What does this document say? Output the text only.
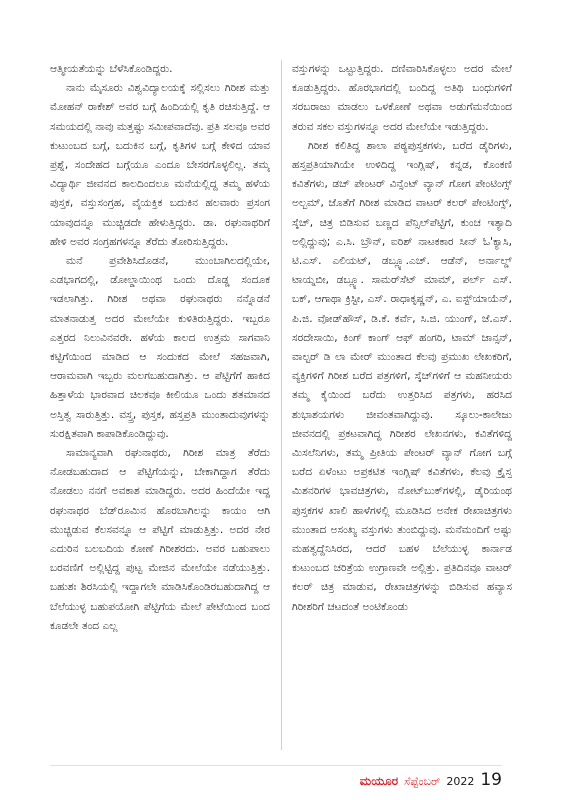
ಆತ್ಮೀಯತೆಯನ್ನು ಬೆಳೆಸಿಕೊಂಡಿದ್ದರು.

ನಾನು ಮೈಸೂರು ವಿಶ್ವವಿದ್ಯಾಲಯಕ್ಕೆ ಸಲ್ಲಿಸಲು ಗಿರೀಶ ಮತ್ತು ಮೋಹನ್ ರಾಕೇಶ್ ಅವರ ಬಗ್ಗೆ ಹಿಂದಿಯಲ್ಲಿ ಕೃತಿ ರಚಿಸುತ್ತಿದ್ದೆ. ಆ ಸಮಯದಲ್ಲಿ ನಾವು ಮತ್ತಷ್ಟು ಸಮೀಪವಾದೆವು. ಪ್ರತಿ ಸಲವೂ ಅವರ ಕುಟುಂಬದ ಬಗ್ಗೆ, ಬದುಕಿನ ಬಗ್ಗೆ, ಕೃತಿಗಳ ಬಗ್ಗೆ ಕೇಳಿದ ಯಾವ ಪ್ರಶ್ನೆ, ಸಂದೇಹದ ಬಗ್ಗೆಯೂ ಎಂದೂ ಬೇಸರಗೊಳ್ಳಲಿಲ್ಲ. ತಮ್ಮ ವಿದ್ಯಾರ್ಥಿ ಜೀವನದ ಕಾಲದಿಂದಲೂ ಮನೆಯಲ್ಲಿದ್ದ ತಮ್ಮ ಹಳೆಯ ಪುಸ್ತಕ, ವಸ್ತುಸಂಗ್ರಹ, ವೈಯಕ್ತಿಕ ಬದುಕಿನ ಹಲವಾರು ಪ್ರಸಂಗ ಯಾವುದನ್ನೂ ಮುಚ್ಚಿಡದೇ ಹೇಳುತ್ತಿದ್ದರು. ಡಾ. ರಘುನಾಥರಿಗೆ ಹೇಳಿ ಅವರ ಸಂಗ್ರಹಗಳನ್ನೂ ತೆರೆದು ತೋರಿಸುತ್ತಿದ್ದರು.

ಮನೆ ಪ್ರವೇಶಿಸಿದೊಡನೆ, ಮುಂಬಾಗಿಲದಲ್ಲಿಯೇ, ಎಡಭಾಗದಲ್ಲಿ, ಡೋಲ್ಡಾಯಿಂಥ ಒಂದು ದೊಡ್ಡ ಸಂದೂಕ ಇಡಲಾಗಿತ್ತು. ಗಿರೀಶ ಅಥವಾ ರಘುನಾಥರು ನನ್ನೊಡನೆ ಮಾತನಾಡುತ್ತ ಅದರ ಮೇಲೆಯೇ ಕುಳಿತಿರುತ್ತಿದ್ದರು. ಇಬ್ಬರೂ ಎತ್ತರದ ನಿಲುವಿನವರೇ. ಹಳೆಯ ಕಾಲದ ಉತ್ತಮ ಸಾಗವಾನಿ ಕಟ್ಟಿಗೆಯಿಂದ ಮಾಡಿದ ಆ ಸಂದುಕದ ಮೇಲೆ ಸಹಜವಾಗಿ, ಆರಾಮವಾಗಿ ಇಬ್ಬರು ಮಲಗಬಹುದಾಗಿತ್ತು. ಆ ಪೆಟ್ಟಿಗೆಗೆ ಹಾಕಿದ ಹಿತ್ತಾಳೆಯ ಭಾರವಾದ ಚಿಲಕವೂ ಕೀಲಿಯೂ ಒಂದು ಶತಮಾನದ ಅಸ್ತಿತ್ವ ಸಾರುತ್ತಿತ್ತು. ವಸ್ತ್ರ, ಪುಸ್ತಕ, ಹಸ್ತಪ್ರತಿ ಮುಂತಾದುವುಗಳನ್ನು ಸುರಕ್ಷಿತವಾಗಿ ಕಾಪಾಡಿಕೊಂಡಿದ್ದುವು.

ಸಾಮಾನ್ಯವಾಗಿ ರಘುನಾಥರು, ಗಿರೀಶ ಮಾತ್ರ ತೆರೆದು ನೋಡಬಹುದಾದ ಆ ಪೆಟ್ಟಿಗೆಯನ್ನು, ಬೇಕಾಗಿದ್ದಾಗ ತೆರೆದು ನೋಡಲು ನನಗೆ ಅವಕಾಶ ಮಾಡಿದ್ದರು. ಅದರ ಹಿಂದೆಯೇ ಇದ್ದ ರಘುನಾಥರ ಬೆಡ್‌ರೂಮಿನ ಹೊರಬಾಗಿಲನ್ನು ಕಾಯಂ ಆಗಿ ಮುಚ್ಚಿಡುವ ಕೆಲಸವನ್ನೂ ಆ ಪೆಟ್ಟಿಗೆ ಮಾಡುತ್ತಿತ್ತು. ಅದರ ನೇರ ಎದುರಿನ ಬಲಬದಿಯ ಕೋಣೆ ಗಿರೀಶರದು. ಅವರ ಬಹುಪಾಲು ಬರವಣಿಗೆ ಅಲ್ಲಿಟ್ಟಿದ್ದ ಪುಟ್ಟ ಮೇಜಿನ ಮೇಲೆಯೇ ನಡೆಯುತ್ತಿತ್ತು. ಬಹುಶಃ ಶಿರಸಿಯಲ್ಲಿ ಇದ್ದಾಗಲೇ ಮಾಡಿಸಿಕೊಂಡಿರಬಹುದಾಗಿದ್ದ ಆ ಬೆಲೆಯುಳ್ಳ ಬಹುಪಯೋಗಿ ಪೆಟ್ಟಿಗೆಯ ಮೇಲೆ ಪೇಟೆಯಿಂದ ಬಂದ ಕೂಡಲೇ ತಂದ ಎಲ್ಲ

ವಸ್ತುಗಳನ್ನು ಒಟ್ಟುತ್ತಿದ್ದರು. ದಣಿವಾರಿಸಿಕೊಳ್ಳಲು ಅದರ ಮೇಲೆ ಕೂಡುತ್ತಿದ್ದರು. ಹೊರಭಾಗದಲ್ಲಿ ಬಂದಿದ್ದ ಅತಿಥಿ ಬಂಧುಗಳಿಗೆ ಸರಬರಾಜು ಮಾಡಲು ಒಳಕೋಣೆ ಅಥವಾ ಅಡುಗೆಮನೆಯಿಂದ ತರುವ ಸಕಲ ವಸ್ತುಗಳನ್ನೂ ಅದರ ಮೇಲೆಯೇ ಇಡುತ್ತಿದ್ದರು.

ಗಿರೀಶ ಕಲಿತಿದ್ದ ಶಾಲಾ ಪಠ್ಯಪುಸ್ತಕಗಳು, ಬರೆದ ಡೈರಿಗಳು, ಹಸ್ತಪ್ರತಿಯಾಗಿಯೇ ಉಳಿದಿದ್ದ ಇಂಗ್ಲಿಷ್, ಕನ್ನಡ, ಕೊಂಕಣಿ ಕವಿತೆಗಳು, ಡಚ್ ಪೇಂಟರ್ ವಿನ್ಸೆಂಟ್ ವ್ಯಾನ್ ಗೋಗ ಪೇಂಟಿಂಗ್ಸ್ ಅಲ್ಬಮ್, ಜೊತೆಗೆ ಗಿರೀಶ ಮಾಡಿದ ವಾಟರ್ ಕಲರ್ ಪೇಂಟಿಂಗ್ಸ್, ಸ್ಕೆಚ್, ಚಿತ್ರ ಬಿಡಿಸುವ ಬಣ್ಣದ ಪೆನ್ಸಿಲ್‌ಪೆಟ್ಟಿಗೆ, ಕುಂಚ ಇತ್ಯಾದಿ ಅಲ್ಲಿದ್ದುವು; ಎ.ಸಿ. ಬ್ರೌನ್, ಐರಿಶ್ ನಾಟಕಕಾರ ಸೀನ್ ಓ'ಕ್ಯಾಸಿ, ಟಿ.ಎಸ್. ಎಲಿಯಟ್, ಡಬ್ಲ್ಯೂ.ಎಚ್. ಆಡೆನ್, ಅರ್ನಾಲ್ಡ್ ಟಾಯ್ನಬೀ, ಡಬ್ಲ್ಯೂ. ಸಾಮರ್‌ಸೆಟ್ ಮಾಮ್, ಪರ್ಲ್ ಎಸ್. ಬಕ್, ಆಗಾಥಾ ಕ್ರಿಸ್ಟೀ, ಎಸ್. ರಾಧಾಕೃಷ್ಣನ್, ಎ. ಐಸ್ಟ್‌ಯಾಯೆನ್, ಪಿ.ಜಿ. ವೋಡ್‌ಹೌಸ್, ಡಿ.ಕೆ. ಕರ್ವೆ, ಸಿ.ಜಿ. ಯುಂಗ್, ಜೆ.ಎಸ್. ಸರದೇಸಾಯಿ, ಕಿಂಗ್ ಕಾಂಗ್ ಆಫ್ ಹಂಗರಿ, ಟಾಮ್ ಜಾನ್ಸನ್, ವಾಲ್ಟರ್ ಡಿ ಲಾ ಮೇರ್ ಮುಂತಾದ ಕೆಲವು ಪ್ರಮುಖ ಲೇಖಕರಿಗೆ, ವ್ಯಕ್ತಿಗಳಿಗೆ ಗಿರೀಶ ಬರೆದ ಪತ್ರಗಳಿಗೆ, ಸ್ಕೆಚ್‌ಗಳಿಗೆ ಆ ಮಹನೀಯರು ತಮ್ಮ ಕೈಯಿಂದ ಬರೆದು ಉತ್ತರಿಸಿದ ಪತ್ರಗಳು, ಹರಸಿದ ಶುಭಾಶಯಗಳು ಜೀವಂತವಾಗಿದ್ದುವು. ಸ್ಕೂಲು-ಕಾಲೇಜು ಜೀವನದಲ್ಲಿ ಪ್ರಕಟವಾಗಿದ್ದ ಗಿರೀಶರ ಲೇಖನಗಳು, ಕವಿತೆಗಳಿದ್ದ ಮಿಸಲೆನಿಗಳು, ತಮ್ಮ ಪ್ರೀತಿಯ ಪೇಂಟರ್ ವ್ಯಾನ್ ಗೋಗ ಬಗ್ಗೆ ಬರೆದ ಏಳೆಂಟು ಅಪ್ರಕಟಿತ ಇಂಗ್ಲಿಷ್ ಕವಿತೆಗಳು, ಕೆಲವು ಕ್ರೈಸ್ತ ಮಿಶನರಿಗಳ ಭಾವಚಿತ್ರಗಳು, ನೋಟ್‌ಬುಕ್‌ಗಳಲ್ಲಿ, ಡೈರಿಯಂಥ ಪುಸ್ತಕಗಳ ಖಾಲಿ ಹಾಳೆಗಳಲ್ಲಿ ಮೂಡಿಸಿದ ಅನೇಕ ರೇಖಾಚಿತ್ರಗಳು ಮುಂತಾದ ಅಸಂಖ್ಯ ವಸ್ತುಗಳು ತುಂಬಿದ್ದುವು. ಮನೆಮಂದಿಗೆ ಅಷ್ಟು ಮಹತ್ವದ್ದೆನಿಸಿರದ, ಆದರೆ ಬಹಳ ಬೆಲೆಯುಳ್ಳ ಕಾರ್ನಾಡ ಕುಟುಂಬದ ಚರಿತ್ರೆಯ ಉಗ್ರಾಣವೇ ಅಲ್ಲಿತ್ತು. ಪ್ರತಿದಿನವೂ ವಾಟರ್ ಕಲರ್ ಚಿತ್ರ ಮಾಡುವ, ರೇಖಾಚಿತ್ರಗಳನ್ನು ಬಿಡಿಸುವ ಹವ್ಯಾಸ ಗಿರೀಶರಿಗೆ ಚಟದಂತೆ ಅಂಟಿಕೊಂಡು

ಮಯೂರ ಸೆಪ್ಟೆಂಬರ್ 2022 19
